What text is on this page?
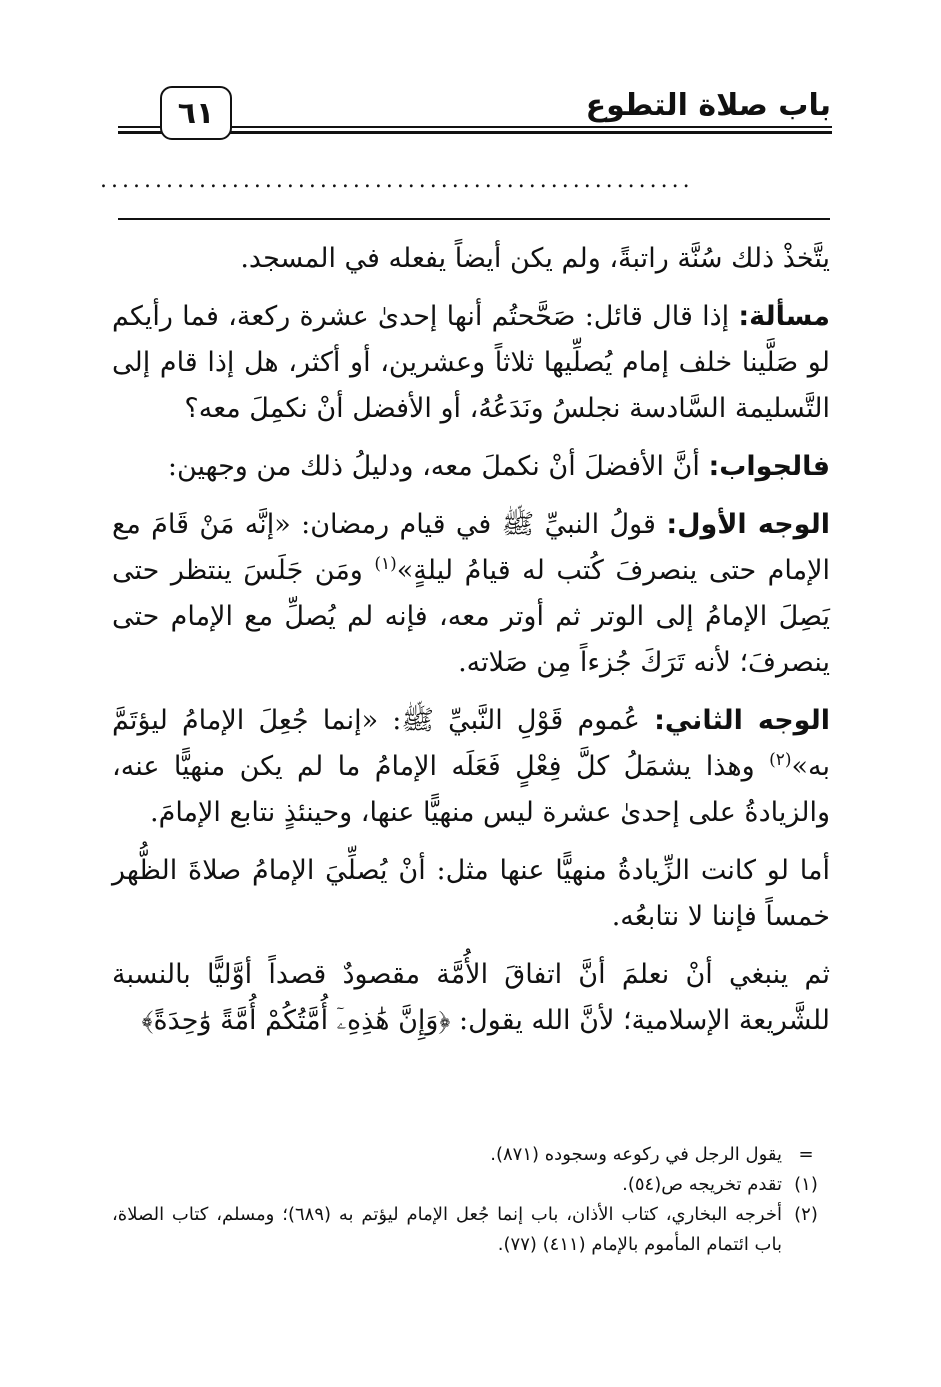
باب صلاة التطوع
٦١
......................................................

يتَّخذْ ذلك سُنَّة راتبةً، ولم يكن أيضاً يفعله في المسجد.

مسألة: إذا قال قائل: صَحَّحتُم أنها إحدىٰ عشرة ركعة، فما رأيكم لو صَلَّينا خلف إمام يُصلِّيها ثلاثاً وعشرين، أو أكثر، هل إذا قام إلى التَّسليمة السَّادسة نجلسُ ونَدَعُهُ، أو الأفضل أنْ نكمِلَ معه؟

فالجواب: أنَّ الأفضلَ أنْ نكملَ معه، ودليلُ ذلك من وجهين:

الوجه الأول: قولُ النبيِّ ﷺ في قيام رمضان: «إنَّه مَنْ قَامَ مع الإمام حتى ينصرفَ كُتب له قيامُ ليلةٍ»$^{(١)}$ ومَن جَلَسَ ينتظر حتى يَصِلَ الإمامُ إلى الوتر ثم أوتر معه، فإنه لم يُصلِّ مع الإمام حتى ينصرفَ؛ لأنه تَرَكَ جُزءاً مِن صَلاته.

الوجه الثاني: عُموم قَوْلِ النَّبيِّ ﷺ: «إنما جُعِلَ الإمامُ ليؤتَمَّ به»$^{(٢)}$ وهذا يشمَلُ كلَّ فِعْلٍ فَعَلَه الإمامُ ما لم يكن منهيًّا عنه، والزيادةُ على إحدىٰ عشرة ليس منهيًّا عنها، وحينئذٍ نتابع الإمامَ.

أما لو كانت الزِّيادةُ منهيًّا عنها مثل: أنْ يُصلِّيَ الإمامُ صلاةَ الظُّهر خمساً فإننا لا نتابعُه.

ثم ينبغي أنْ نعلمَ أنَّ اتفاقَ الأُمَّة مقصودٌ قصداً أوَّليًّا بالنسبة للشَّريعة الإسلامية؛ لأنَّ الله يقول: ﴿وَإِنَّ هَٰذِهِۦٓ أُمَّتُكُمْ أُمَّةً وَٰحِدَةً﴾

=
يقول الرجل في ركوعه وسجوده (٨٧١).
(١)
تقدم تخريجه ص(٥٤).
(٢)
أخرجه البخاري، كتاب الأذان، باب إنما جُعل الإمام ليؤتم به (٦٨٩)؛ ومسلم، كتاب الصلاة، باب ائتمام المأموم بالإمام (٤١١) (٧٧).
